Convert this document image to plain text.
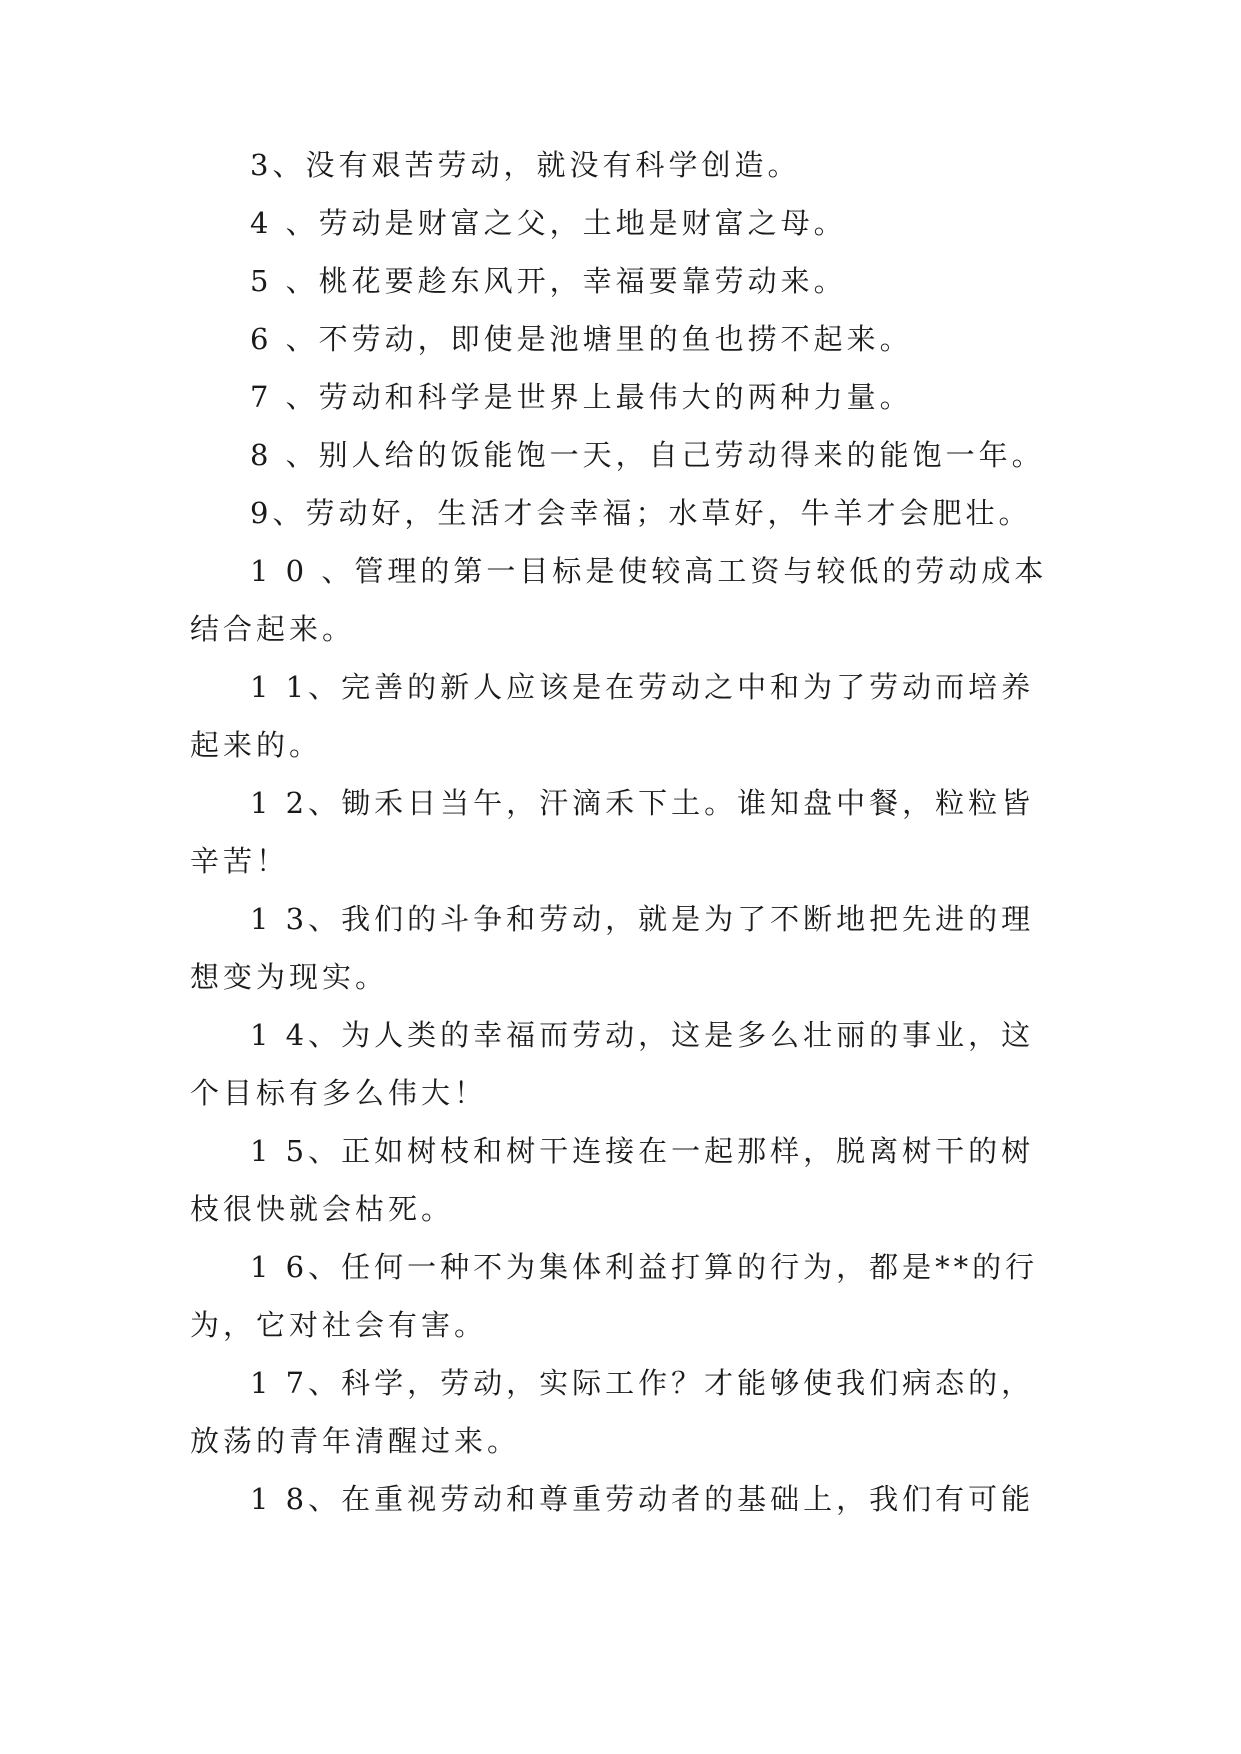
3、没有艰苦劳动，就没有科学创造。

4 、劳动是财富之父，土地是财富之母。

5 、桃花要趁东风开，幸福要靠劳动来。

6 、不劳动，即使是池塘里的鱼也捞不起来。

7 、劳动和科学是世界上最伟大的两种力量。

8 、别人给的饭能饱一天，自己劳动得来的能饱一年。

9、劳动好，生活才会幸福；水草好，牛羊才会肥壮。

1 0 、管理的第一目标是使较高工资与较低的劳动成本
结合起来。
1 1、完善的新人应该是在劳动之中和为了劳动而培养
起来的。
1 2、锄禾日当午，汗滴禾下土。谁知盘中餐，粒粒皆
辛苦！
1 3、我们的斗争和劳动，就是为了不断地把先进的理
想变为现实。
1 4、为人类的幸福而劳动，这是多么壮丽的事业，这
个目标有多么伟大！
1 5、正如树枝和树干连接在一起那样，脱离树干的树
枝很快就会枯死。
1 6、任何一种不为集体利益打算的行为，都是**的行
为，它对社会有害。
1 7、科学，劳动，实际工作？才能够使我们病态的，
放荡的青年清醒过来。

1 8、在重视劳动和尊重劳动者的基础上，我们有可能
